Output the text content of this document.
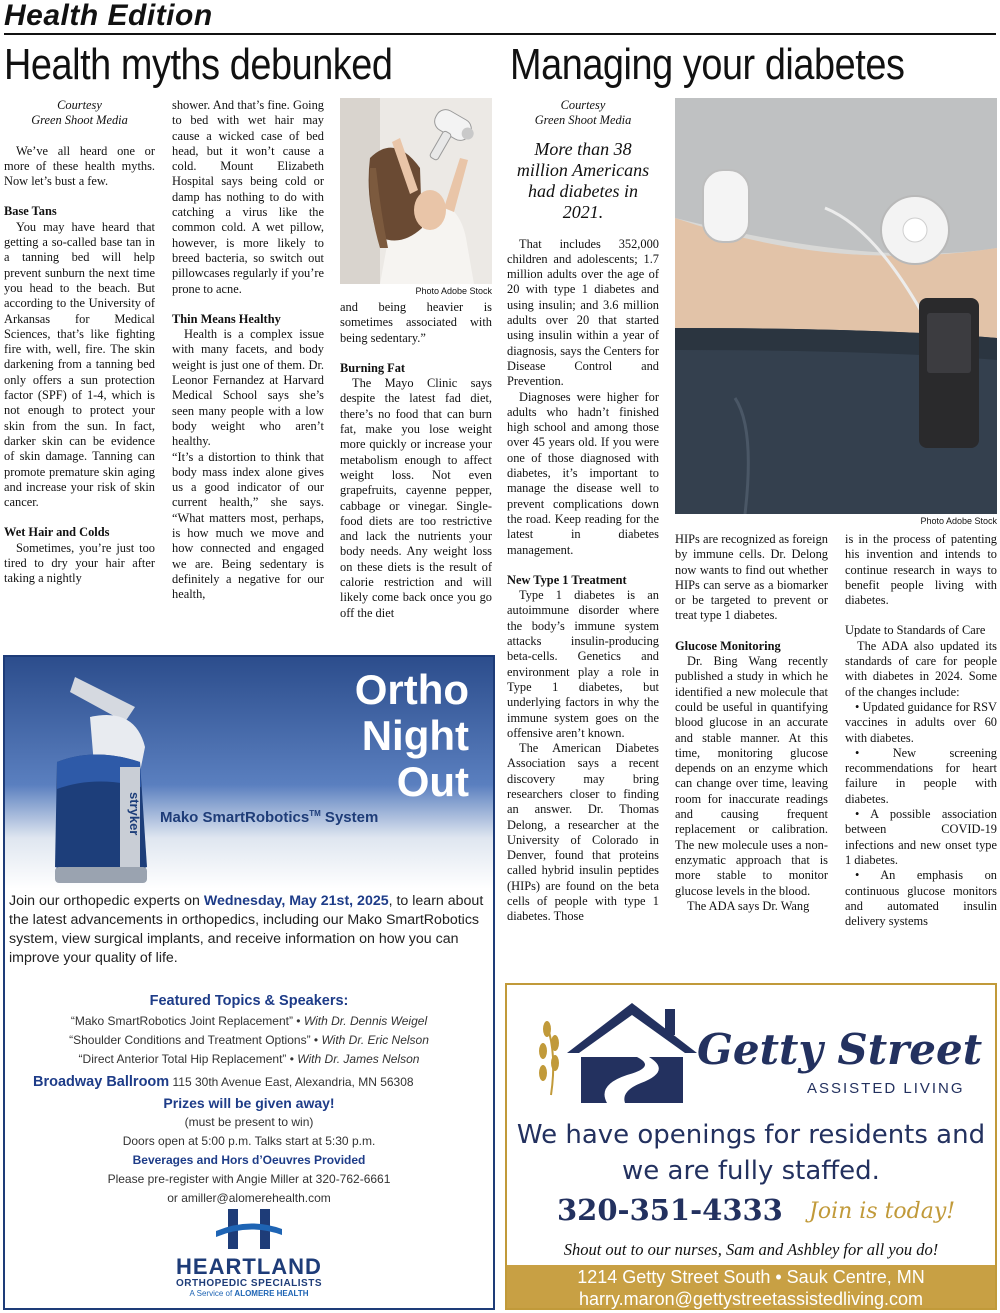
Health Edition
Health myths debunked	Managing your diabetes
Courtesy
Green Shoot Media

We’ve all heard one or more of these health myths. Now let’s bust a few.

Base Tans

You may have heard that getting a so-called base tan in a tanning bed will help prevent sunburn the next time you head to the beach. But according to the University of Arkansas for Medical Sciences, that’s like fighting fire with, well, fire. The skin darkening from a tanning bed only offers a sun protection factor (SPF) of 1-4, which is not enough to protect your skin from the sun. In fact, darker skin can be evidence of skin damage. Tanning can promote premature skin aging and increase your risk of skin cancer.

Wet Hair and Colds

Sometimes, you’re just too tired to dry your hair after taking a nightly

shower. And that’s fine. Going to bed with wet hair may cause a wicked case of bed head, but it won’t cause a cold. Mount Elizabeth Hospital says being cold or damp has nothing to do with catching a virus like the common cold. A wet pillow, however, is more likely to breed bacteria, so switch out pillowcases regularly if you’re prone to acne.

Thin Means Healthy

Health is a complex issue with many facets, and body weight is just one of them. Dr. Leonor Fernandez at Harvard Medical School says she’s seen many people with a low body weight who aren’t healthy.

“It’s a distortion to think that body mass index alone gives us a good indicator of our current health,” she says. “What matters most, perhaps, is how much we move and how connected and engaged we are. Being sedentary is definitely a negative for our health,

Photo Adobe Stock

and being heavier is sometimes associated with being sedentary.”

Burning Fat

The Mayo Clinic says despite the latest fad diet, there’s no food that can burn fat, make you lose weight more quickly or increase your metabolism enough to affect weight loss. Not even grapefruits, cayenne pepper, cabbage or vinegar. Single-food diets are too restrictive and lack the nutrients your body needs. Any weight loss on these diets is the result of calorie restriction and will likely come back once you go off the diet

Courtesy
Green Shoot Media
More than 38 million Americans had diabetes in 2021.

That includes 352,000 children and adolescents; 1.7 million adults over the age of 20 with type 1 diabetes and using insulin; and 3.6 million adults over 20 that started using insulin within a year of diagnosis, says the Centers for Disease Control and Prevention.

Diagnoses were higher for adults who hadn’t finished high school and among those over 45 years old. If you were one of those diagnosed with diabetes, it’s important to manage the disease well to prevent complications down the road. Keep reading for the latest in diabetes management.

New Type 1 Treatment

Type 1 diabetes is an autoimmune disorder where the body’s immune system attacks insulin-producing beta-cells. Genetics and environment play a role in Type 1 diabetes, but underlying factors in why the immune system goes on the offensive aren’t known.

The American Diabetes Association says a recent discovery may bring researchers closer to finding an answer. Dr. Thomas Delong, a researcher at the University of Colorado in Denver, found that proteins called hybrid insulin peptides (HIPs) are found on the beta cells of people with type 1 diabetes. Those

Photo Adobe Stock

HIPs are recognized as foreign by immune cells. Dr. Delong now wants to find out whether HIPs can serve as a biomarker or be targeted to prevent or treat type 1 diabetes.

Glucose Monitoring

Dr. Bing Wang recently published a study in which he identified a new molecule that could be useful in quantifying blood glucose in an accurate and stable manner. At this time, monitoring glucose depends on an enzyme which can change over time, leaving room for inaccurate readings and causing frequent replacement or calibration. The new molecule uses a non-enzymatic approach that is more stable to monitor glucose levels in the blood.

The ADA says Dr. Wang

is in the process of patenting his invention and intends to continue research in ways to benefit people living with diabetes.

Update to Standards of Care

The ADA also updated its standards of care for people with diabetes in 2024. Some of the changes include:

• Updated guidance for RSV vaccines in adults over 60 with diabetes.

• New screening recommendations for heart failure in people with diabetes.

• A possible association between COVID-19 infections and new onset type 1 diabetes.

• An emphasis on continuous glucose monitors and automated insulin delivery systems

stryker
Ortho
Night
Out
Mako SmartRobotics™ System
Join our orthopedic experts on Wednesday, May 21st, 2025, to learn about the latest advancements in orthopedics, including our Mako SmartRobotics system, view surgical implants, and receive information on how you can improve your quality of life.
Featured Topics & Speakers:
“Mako SmartRobotics Joint Replacement” • With Dr. Dennis Weigel
“Shoulder Conditions and Treatment Options” • With Dr. Eric Nelson
“Direct Anterior Total Hip Replacement” • With Dr. James Nelson
Broadway Ballroom 115 30th Avenue East, Alexandria, MN 56308
Prizes will be given away!
(must be present to win)
Doors open at 5:00 p.m. Talks start at 5:30 p.m.
Beverages and Hors d’Oeuvres Provided
Please pre-register with Angie Miller at 320-762-6661
or amiller@alomerehealth.com
HEARTLAND
ORTHOPEDIC SPECIALISTS
A Service of ALOMERE HEALTH
Getty Street
ASSISTED LIVING
We have openings for residents and we are fully staffed.
320-351-4333 Join is today!
Shout out to our nurses, Sam and Ashbley for all you do!
1214 Getty Street South • Sauk Centre, MN
harry.maron@gettystreetassistedliving.com
